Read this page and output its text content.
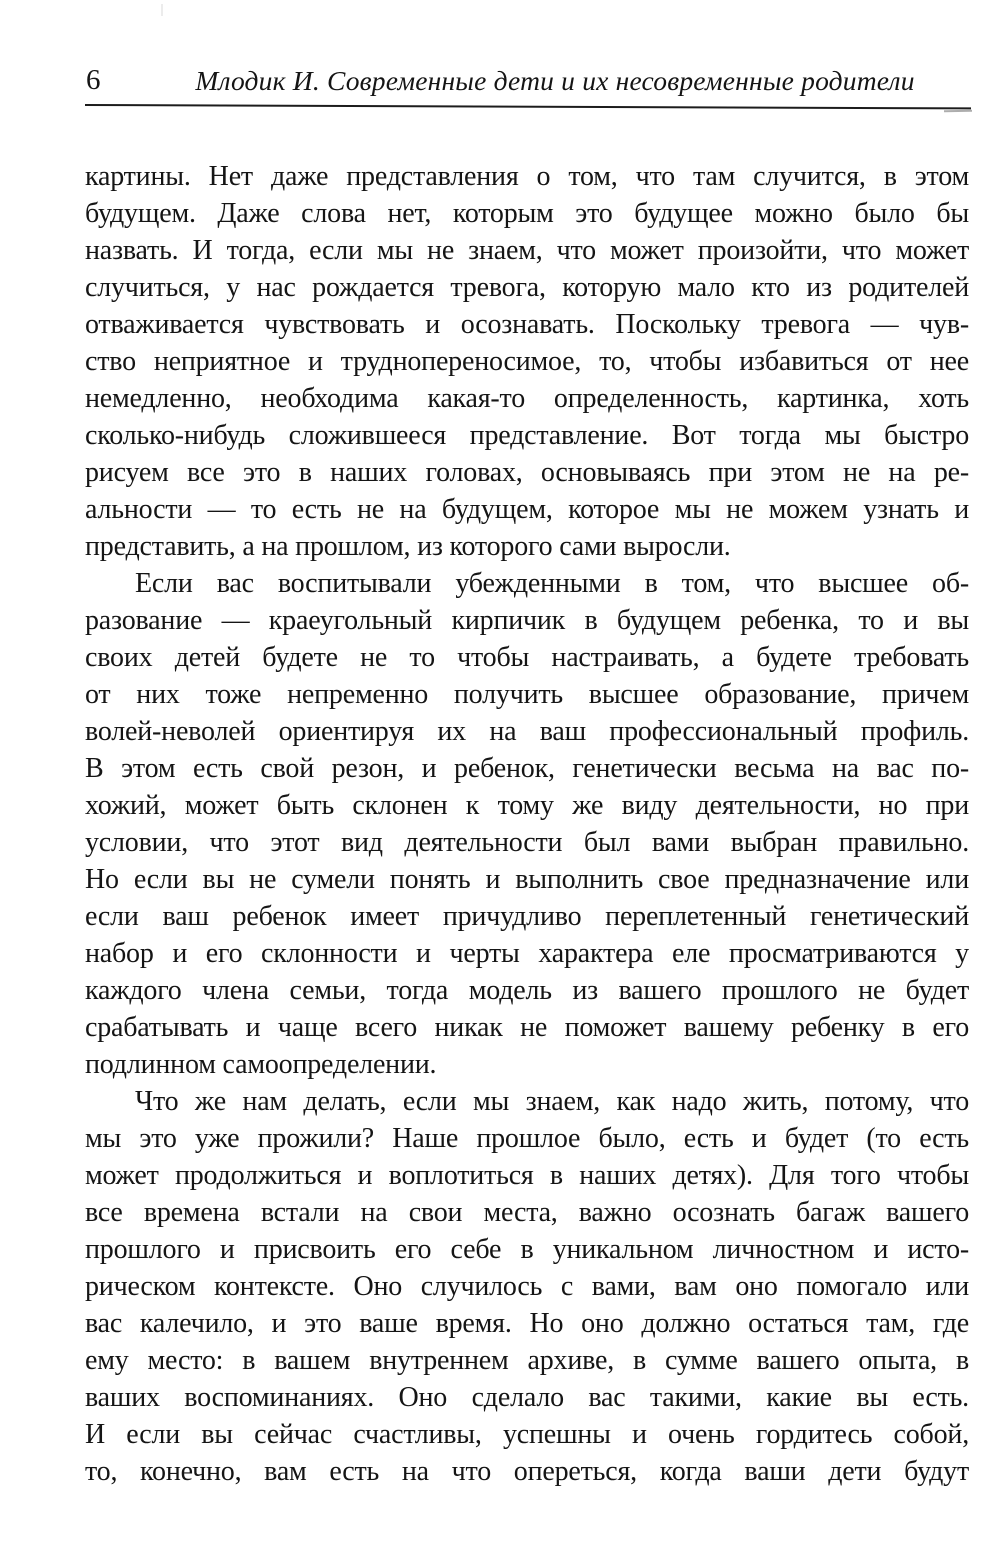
6	Млодик И. Современные дети и их несовременные родители
картины. Нет даже представления о том, что там случится, в этом
будущем. Даже слова нет, которым это будущее можно было бы
назвать. И тогда, если мы не знаем, что может произойти, что может
случиться, у нас рождается тревога, которую мало кто из родителей
отваживается чувствовать и осознавать. Поскольку тревога — чув-
ство неприятное и труднопереносимое, то, чтобы избавиться от нее
немедленно, необходима какая-то определенность, картинка, хоть
сколько-нибудь сложившееся представление. Вот тогда мы быстро
рисуем все это в наших головах, основываясь при этом не на ре-
альности — то есть не на будущем, которое мы не можем узнать и
представить, а на прошлом, из которого сами выросли.
Если вас воспитывали убежденными в том, что высшее об-
разование — краеугольный кирпичик в будущем ребенка, то и вы
своих детей будете не то чтобы настраивать, а будете требовать
от них тоже непременно получить высшее образование, причем
волей-неволей ориентируя их на ваш профессиональный профиль.
В этом есть свой резон, и ребенок, генетически весьма на вас по-
хожий, может быть склонен к тому же виду деятельности, но при
условии, что этот вид деятельности был вами выбран правильно.
Но если вы не сумели понять и выполнить свое предназначение или
если ваш ребенок имеет причудливо переплетенный генетический
набор и его склонности и черты характера еле просматриваются у
каждого члена семьи, тогда модель из вашего прошлого не будет
срабатывать и чаще всего никак не поможет вашему ребенку в его
подлинном самоопределении.
Что же нам делать, если мы знаем, как надо жить, потому, что
мы это уже прожили? Наше прошлое было, есть и будет (то есть
может продолжиться и воплотиться в наших детях). Для того чтобы
все времена встали на свои места, важно осознать багаж вашего
прошлого и присвоить его себе в уникальном личностном и исто-
рическом контексте. Оно случилось с вами, вам оно помогало или
вас калечило, и это ваше время. Но оно должно остаться там, где
ему место: в вашем внутреннем архиве, в сумме вашего опыта, в
ваших воспоминаниях. Оно сделало вас такими, какие вы есть.
И если вы сейчас счастливы, успешны и очень гордитесь собой,
то, конечно, вам есть на что опереться, когда ваши дети будут
